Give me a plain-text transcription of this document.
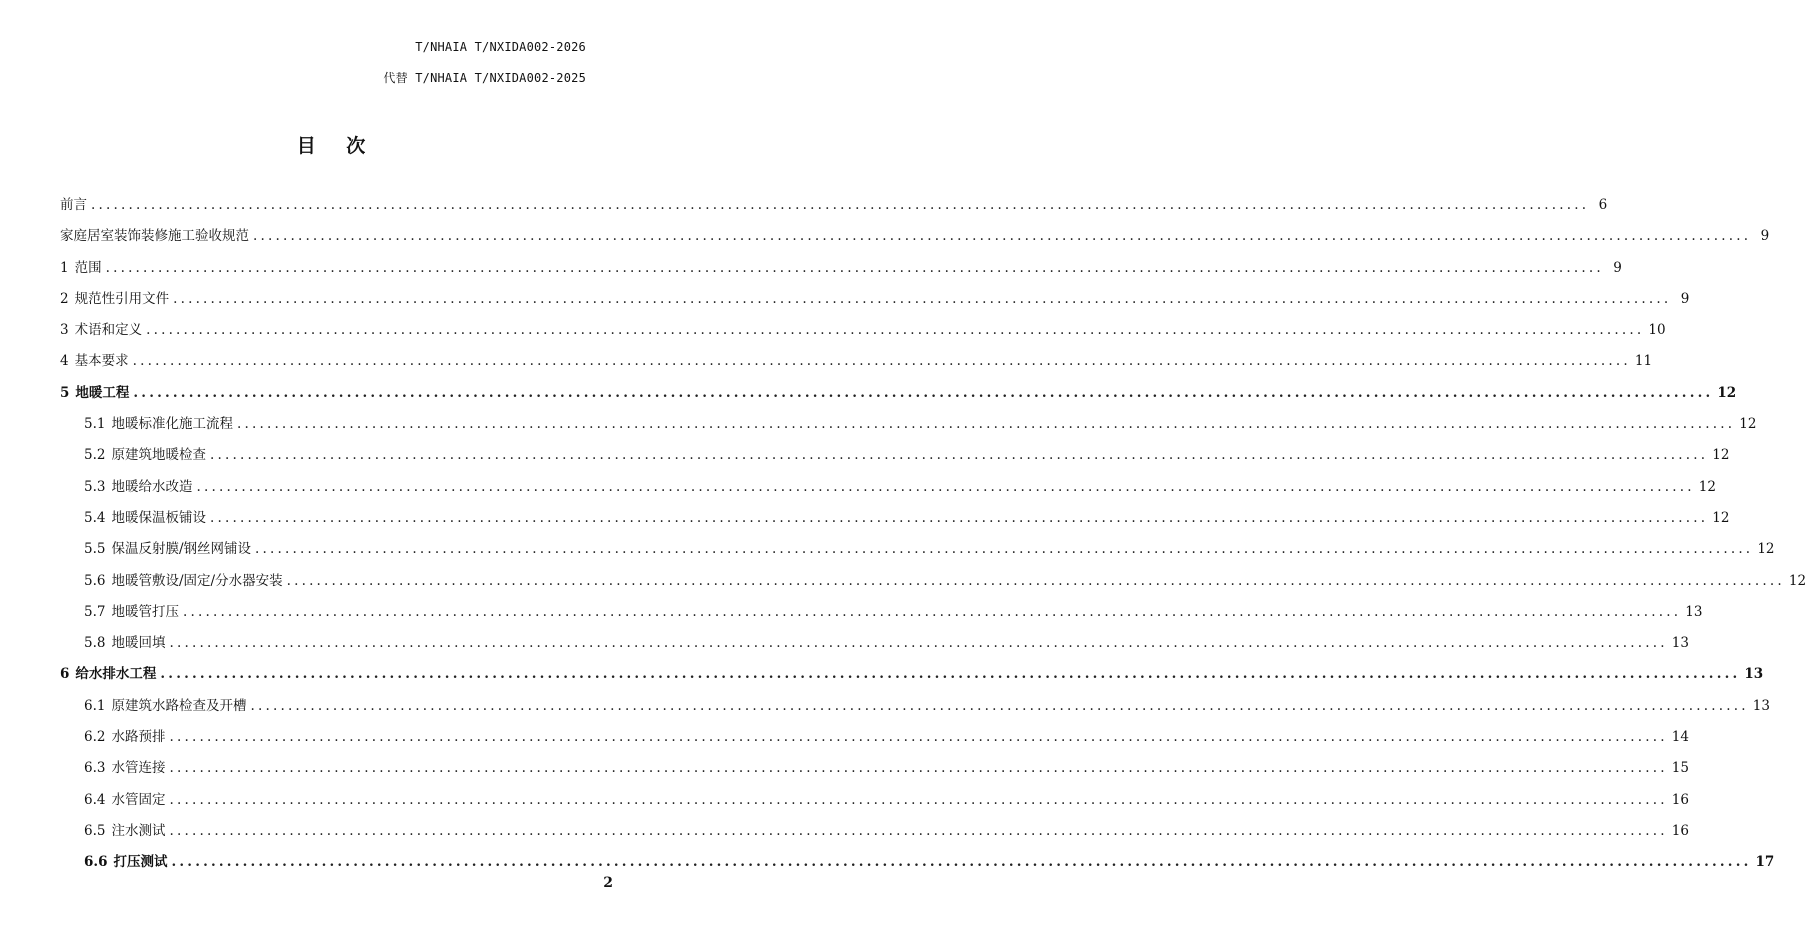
T/NHAIA T/NXIDA002-2026
代替 T/NHAIA T/NXIDA002-2025
目 次
前言 ........................................................................................................................................................................................................ 6
家庭居室装饰装修施工验收规范 ........................................................................................................................................................................................................ 9
1 范围 ........................................................................................................................................................................................................ 9
2 规范性引用文件 ........................................................................................................................................................................................................ 9
3 术语和定义 ........................................................................................................................................................................................................ 10
4 基本要求 ........................................................................................................................................................................................................ 11
5 地暖工程 ........................................................................................................................................................................................................ 12
5.1 地暖标准化施工流程 ........................................................................................................................................................................................................ 12
5.2 原建筑地暖检查 ........................................................................................................................................................................................................ 12
5.3 地暖给水改造 ........................................................................................................................................................................................................ 12
5.4 地暖保温板铺设 ........................................................................................................................................................................................................ 12
5.5 保温反射膜/钢丝网铺设 ........................................................................................................................................................................................................ 12
5.6 地暖管敷设/固定/分水器安装 ........................................................................................................................................................................................................ 12
5.7 地暖管打压 ........................................................................................................................................................................................................ 13
5.8 地暖回填 ........................................................................................................................................................................................................ 13
6 给水排水工程 ........................................................................................................................................................................................................ 13
6.1 原建筑水路检查及开槽 ........................................................................................................................................................................................................ 13
6.2 水路预排 ........................................................................................................................................................................................................ 14
6.3 水管连接 ........................................................................................................................................................................................................ 15
6.4 水管固定 ........................................................................................................................................................................................................ 16
6.5 注水测试 ........................................................................................................................................................................................................ 16
6.6 打压测试 ........................................................................................................................................................................................................ 17
2
